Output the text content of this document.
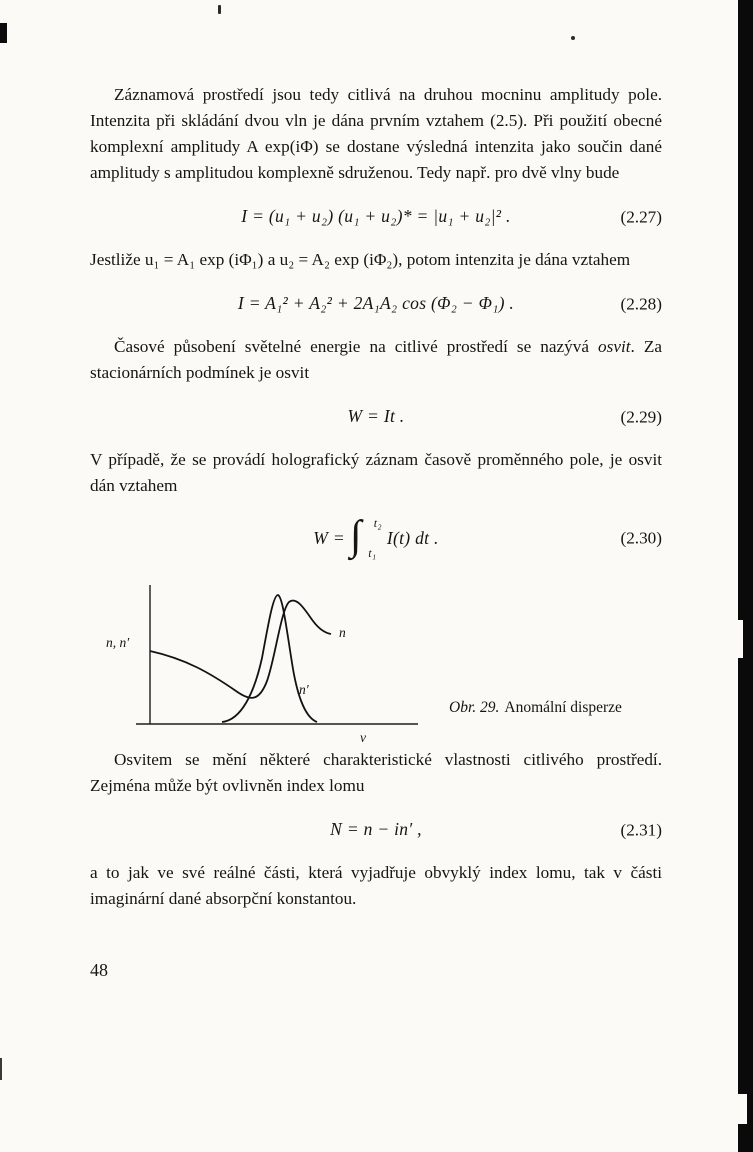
Záznamová prostředí jsou tedy citlivá na druhou mocninu amplitudy pole. Intenzita při skládání dvou vln je dána prvním vztahem (2.5). Při použití obecné komplexní amplitudy A exp(iΦ) se dostane výsledná intenzita jako součin dané amplitudy s amplitudou komplexně sdruženou. Tedy např. pro dvě vlny bude

I = (u₁ + u₂) (u₁ + u₂)* = |u₁ + u₂|² .	(2.27)

Jestliže u₁ = A₁ exp (iΦ₁) a u₂ = A₂ exp (iΦ₂), potom intenzita je dána vztahem

I = A₁² + A₂² + 2A₁A₂ cos (Φ₂ − Φ₁) .	(2.28)

Časové působení světelné energie na citlivé prostředí se nazývá osvit. Za stacionárních podmínek je osvit

W = It .	(2.29)

V případě, že se provádí holografický záznam časově proměnného pole, je osvit dán vztahem

W = ∫ t₂
t₁
I(t) dt .	(2.30)
n, n′
n
n′
ν
Obr. 29. Anomální disperze

Osvitem se mění některé charakteristické vlastnosti citlivého prostředí. Zejména může být ovlivněn index lomu

N = n − in′ ,	(2.31)

a to jak ve své reálné části, která vyjadřuje obvyklý index lomu, tak v části imaginární dané absorpční konstantou.

48
